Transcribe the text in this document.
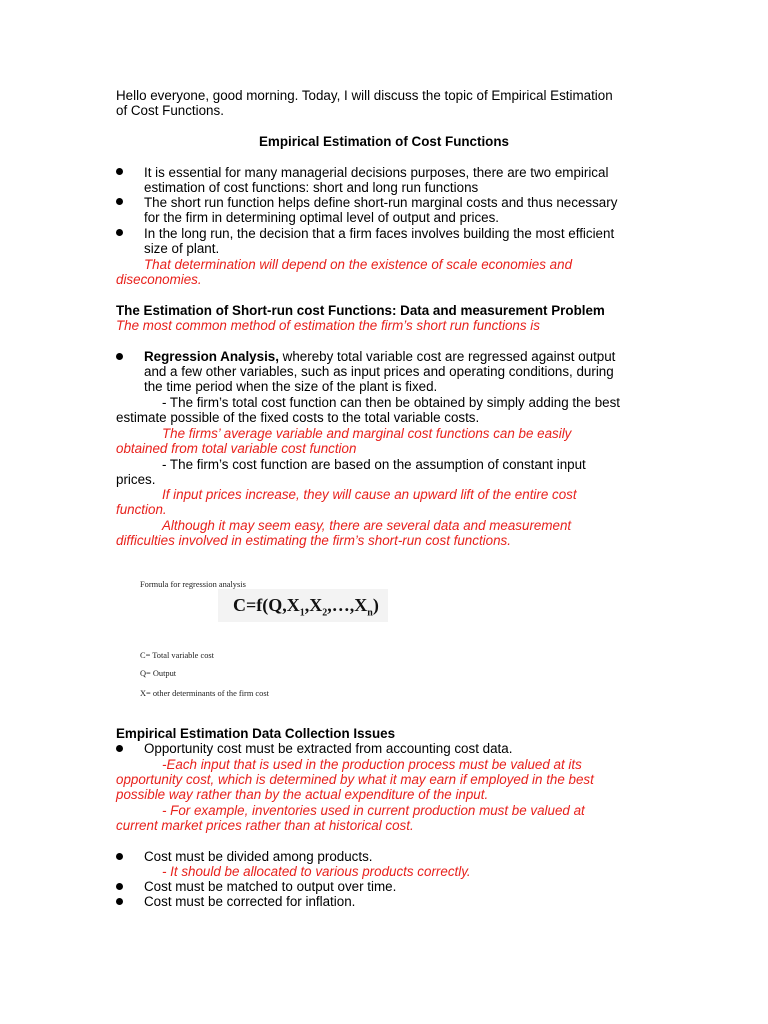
Hello everyone, good morning. Today, I will discuss the topic of Empirical Estimation

of Cost Functions.

Empirical Estimation of Cost Functions

It is essential for many managerial decisions purposes, there are two empirical

estimation of cost functions: short and long run functions

The short run function helps define short-run marginal costs and thus necessary

for the firm in determining optimal level of output and prices.

In the long run, the decision that a firm faces involves building the most efficient

size of plant.

That determination will depend on the existence of scale economies and

diseconomies.

The Estimation of Short-run cost Functions: Data and measurement Problem

The most common method of estimation the firm’s short run functions is

Regression Analysis, whereby total variable cost are regressed against output

and a few other variables, such as input prices and operating conditions, during

the time period when the size of the plant is fixed.

- The firm’s total cost function can then be obtained by simply adding the best

estimate possible of the fixed costs to the total variable costs.

The firms’ average variable and marginal cost functions can be easily

obtained from total variable cost function

- The firm’s cost function are based on the assumption of constant input

prices.

If input prices increase, they will cause an upward lift of the entire cost

function.

Although it may seem easy, there are several data and measurement

difficulties involved in estimating the firm’s short-run cost functions.

Formula for regression analysis

$C=f(Q,X_1,X_2,\dots,X_n)$

C= Total variable cost

Q= Output

X= other determinants of the firm cost

Empirical Estimation Data Collection Issues

Opportunity cost must be extracted from accounting cost data.

-Each input that is used in the production process must be valued at its

opportunity cost, which is determined by what it may earn if employed in the best

possible way rather than by the actual expenditure of the input.

- For example, inventories used in current production must be valued at

current market prices rather than at historical cost.

Cost must be divided among products.

- It should be allocated to various products correctly.

Cost must be matched to output over time.

Cost must be corrected for inflation.
